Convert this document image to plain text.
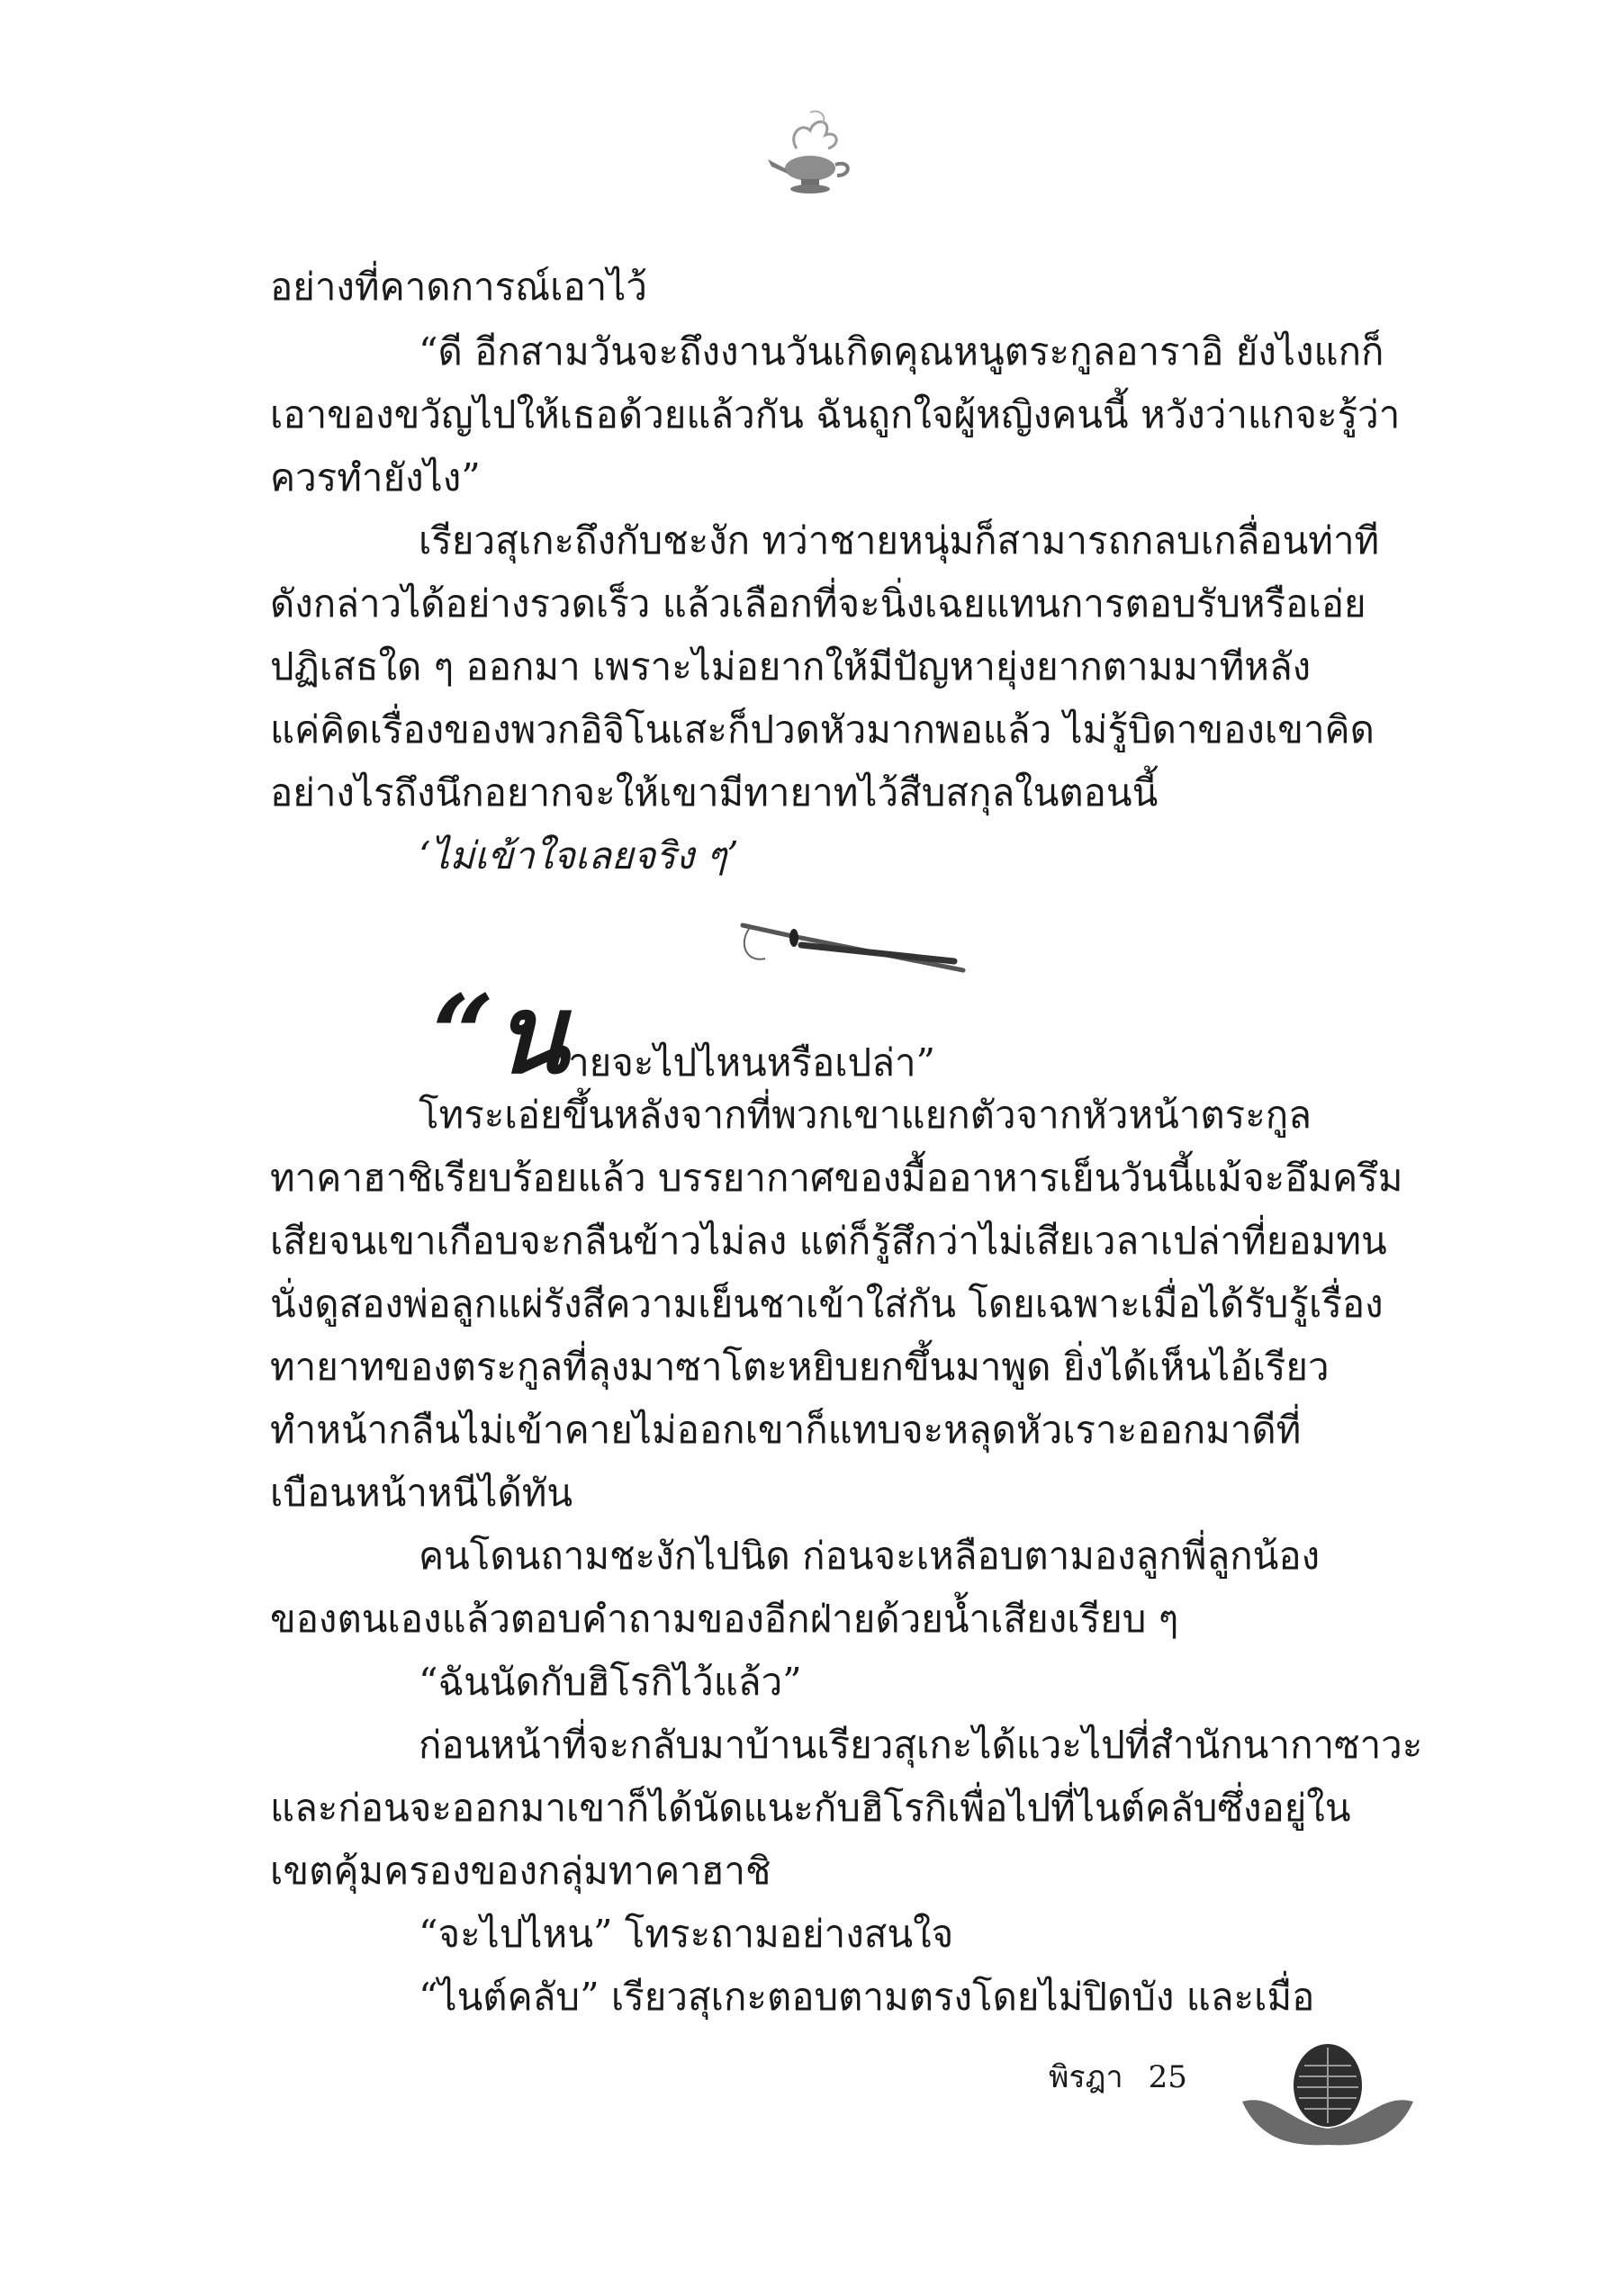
อย่างที่คาดการณ์เอาไว้

“ดี อีกสามวันจะถึงงานวันเกิดคุณหนูตระกูลอาราอิ ยังไงแกก็

เอาของขวัญไปให้เธอด้วยแล้วกัน ฉันถูกใจผู้หญิงคนนี้ หวังว่าแกจะรู้ว่า

ควรทำยังไง”

เรียวสุเกะถึงกับชะงัก ทว่าชายหนุ่มก็สามารถกลบเกลื่อนท่าที

ดังกล่าวได้อย่างรวดเร็ว แล้วเลือกที่จะนิ่งเฉยแทนการตอบรับหรือเอ่ย

ปฏิเสธใด ๆ ออกมา เพราะไม่อยากให้มีปัญหายุ่งยากตามมาทีหลัง

แค่คิดเรื่องของพวกอิจิโนเสะก็ปวดหัวมากพอแล้ว ไม่รู้บิดาของเขาคิด

อย่างไรถึงนึกอยากจะให้เขามีทายาทไว้สืบสกุลในตอนนี้

‘ไม่เข้าใจเลยจริง ๆ’

“นายจะไปไหนหรือเปล่า”

โทระเอ่ยขึ้นหลังจากที่พวกเขาแยกตัวจากหัวหน้าตระกูล

ทาคาฮาชิเรียบร้อยแล้ว บรรยากาศของมื้ออาหารเย็นวันนี้แม้จะอึมครึม

เสียจนเขาเกือบจะกลืนข้าวไม่ลง แต่ก็รู้สึกว่าไม่เสียเวลาเปล่าที่ยอมทน

นั่งดูสองพ่อลูกแผ่รังสีความเย็นชาเข้าใส่กัน โดยเฉพาะเมื่อได้รับรู้เรื่อง

ทายาทของตระกูลที่ลุงมาซาโตะหยิบยกขึ้นมาพูด ยิ่งได้เห็นไอ้เรียว

ทำหน้ากลืนไม่เข้าคายไม่ออกเขาก็แทบจะหลุดหัวเราะออกมาดีที่

เบือนหน้าหนีได้ทัน

คนโดนถามชะงักไปนิด ก่อนจะเหลือบตามองลูกพี่ลูกน้อง

ของตนเองแล้วตอบคำถามของอีกฝ่ายด้วยน้ำเสียงเรียบ ๆ

“ฉันนัดกับฮิโรกิไว้แล้ว”

ก่อนหน้าที่จะกลับมาบ้านเรียวสุเกะได้แวะไปที่สำนักนากาซาวะ

และก่อนจะออกมาเขาก็ได้นัดแนะกับฮิโรกิเพื่อไปที่ไนต์คลับซึ่งอยู่ใน

เขตคุ้มครองของกลุ่มทาคาฮาชิ

“จะไปไหน” โทระถามอย่างสนใจ

“ไนต์คลับ” เรียวสุเกะตอบตามตรงโดยไม่ปิดบัง และเมื่อ

พิรฎา 25
